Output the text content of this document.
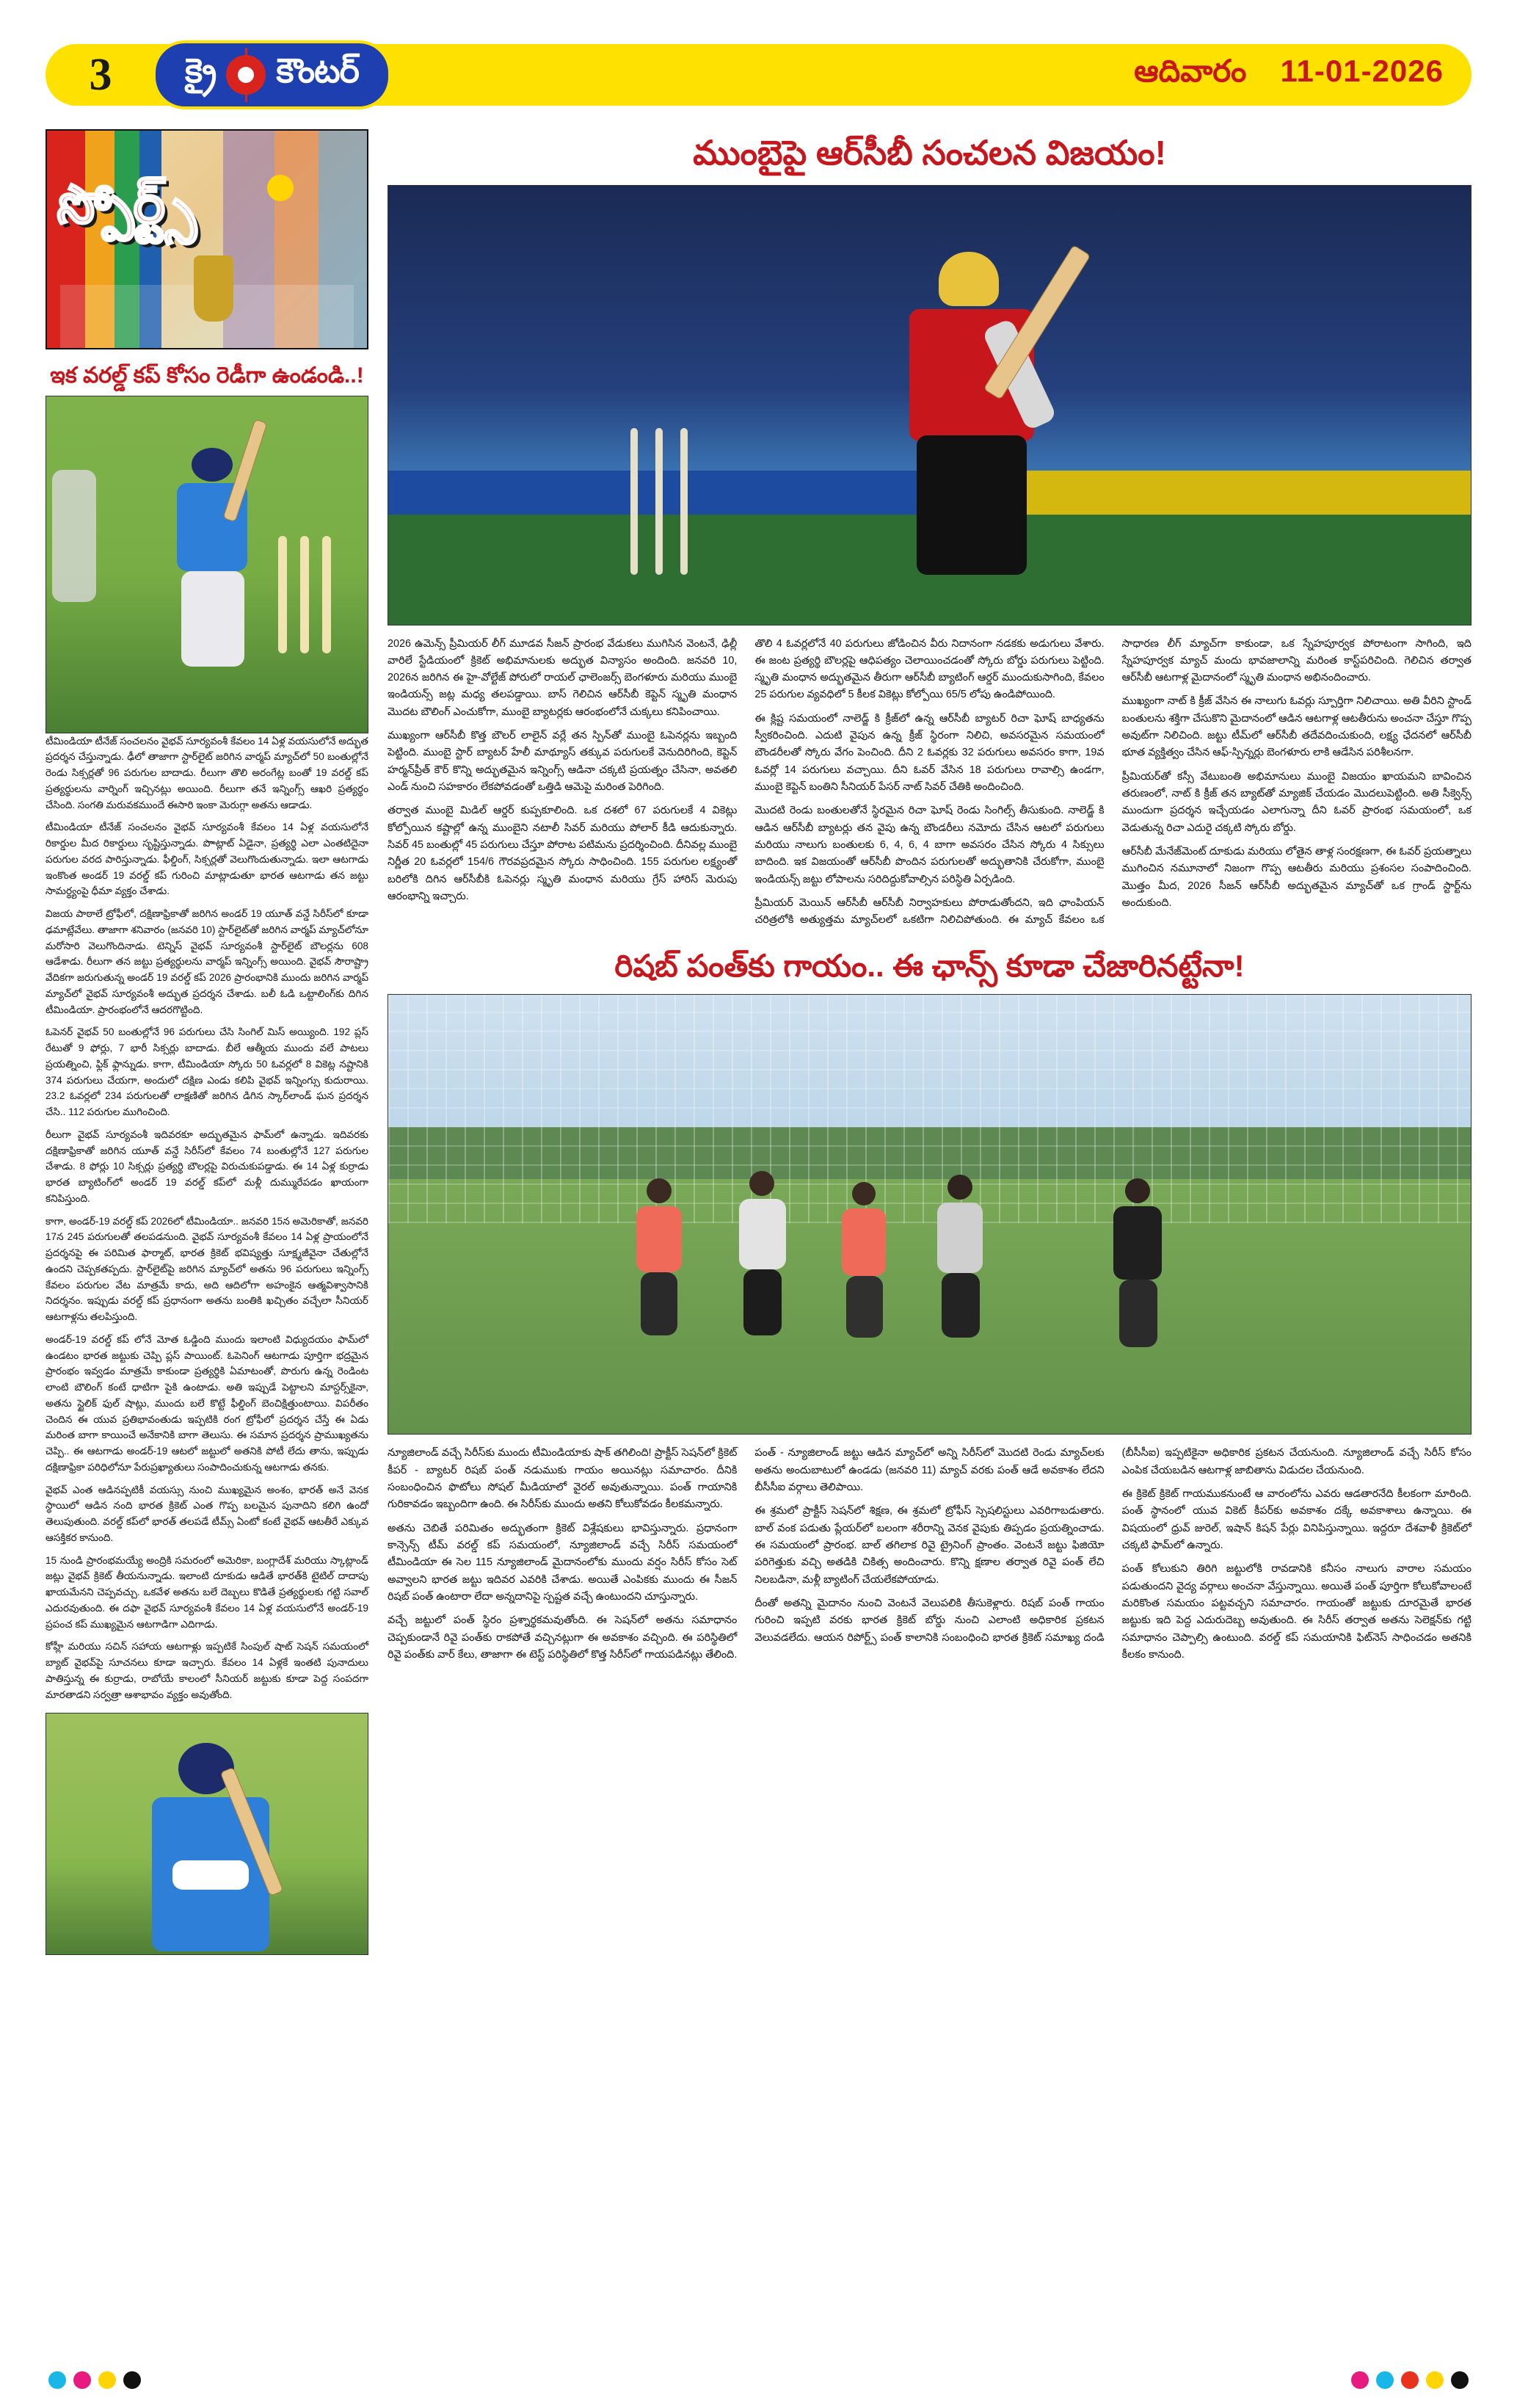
3	క్రై కౌంటర్	ఆదివారం 11-01-2026
స్పోర్ట్స్
ఇక వరల్డ్ కప్ కోసం రెడీగా ఉండండి..!

టీమిండియా టీనేజ్ సంచలనం వైభవ్ సూర్యవంశీ కేవలం 14 ఏళ్ల వయసులోనే అద్భుత ప్రదర్శన చేస్తున్నాడు. ఢీలో తాజాగా స్టార్‌లైట్ జరిగిన వార్మప్ మ్యాచ్‌లో 50 బంతుల్లోనే రెండు సిక్సర్లతో 96 పరుగుల బాదాడు. రీలుగా తొలి అరంగేట్ల బంతో 19 వరల్డ్ కప్ ప్రత్యర్థులను వార్నింగ్ ఇచ్చినట్లు అయింది. రీలుగా తనే ఇన్నింగ్స్ ఆఖరి ప్రత్యర్థం చేసింది. సంగతి మరువకముందే ఈసారి ఇంకా మెరుగ్గా అతను ఆడాడు.

టీమిండియా టీనేజ్ సంచలనం వైభవ్ సూర్యవంశీ కేవలం 14 ఏళ్ల వయసులోనే రికార్డుల మీద రికార్డులు సృష్టిస్తున్నాడు. పొాట్లాట్ ఏడైనా, ప్రత్యర్థి ఎలా ఎంతటిదైనా పరుగుల వరద పారిస్తున్నాడు. ఫీల్డింగ్, సిక్సర్లతో వెలుగొందుతున్నాడు. ఇలా ఆటగాడు ఇంకొంత అండర్ 19 వరల్డ్ కప్ గురించి మాట్లాడుతూ భారత ఆటగాడు తన జట్టు సామర్థ్యంపై ధీమా వ్యక్తం చేశాడు.

విజయ పాఠాలే ట్రోఫీలో, దక్షిణాఫ్రికాతో జరిగిన అండర్ 19 యూత్ వన్డే సిరీస్‌లో కూడా ఢమాట్లేవేలు. తాజాగా శనివారం (జనవరి 10) స్టార్‌లైట్‌తో జరిగిన వార్మప్ మ్యాచ్‌లోనూ మరోసారి వెలుగొందినాడు. టెన్నిస్ వైభవ్ సూర్యవంశీ స్టార్‌లైట్ బౌలర్లను 608 ఆడేశాడు. రీలుగా తన జట్టు ప్రత్యర్థులను వార్మప్ ఇన్నింగ్స్ అయింది. వైభవ్ సౌరాష్ట్రా వేదికగా జరుగుతున్న అండర్ 19 వరల్డ్ కప్ 2026 ప్రారంభానికి ముందు జరిగిన వార్మప్ మ్యాచ్‌లో వైభవ్ సూర్యవంశీ అద్భుత ప్రదర్శన చేశాడు. బలీ ఓడి ఒట్టాలింగ్‌కు దిగిన టీమిండియా. ప్రారంభంలోనే ఆదరగొట్టింది.

ఓపెనర్ వైభవ్ 50 బంతుల్లోనే 96 పరుగులు చేసి సింగిల్ మిస్ అయ్యింది. 192 ప్లస్ రేటుతో 9 ఫోర్లు, 7 భారీ సిక్సర్లు బాదాడు. బీలే ఆత్మీయ ముందు వలే పాటలు ప్రయత్నించి, ఫ్లిక్ ఫ్లాన్నుడు. కాగా, టీమిండియా స్కోరు 50 ఓవర్లలో 8 వికెట్ల నష్టానికి 374 పరుగులు చేయగా, అందులో దక్షిణ ఎండు కలిపి వైభవ్ ఇన్నింగ్సు కుదురాయి. 23.2 ఓవర్లలో 234 పరుగులతో లాక్షణితో జరిగిన డిగిన స్కార్‌లాండ్ ఘన ప్రదర్శన చేసి.. 112 పరుగుల ముగించింది.

రీలుగా వైభవ్ సూర్యవంశీ ఇదివరకూ అద్భుతమైన ఫామ్‌లో ఉన్నాడు. ఇదివరకు దక్షిణాఫ్రికాతో జరిగిన యూత్ వన్డే సిరీస్‌లో కేవలం 74 బంతుల్లోనే 127 పరుగుల చేశాడు. 8 ఫోర్లు 10 సిక్సర్లు ప్రత్యర్థి బౌలర్లపై విరుచుకుపడ్డాడు. ఈ 14 ఏళ్ల కుర్రాడు భారత బ్యాటింగ్‌లో అండర్ 19 వరల్డ్ కప్‌లో మళ్లీ దుమ్మురేపడం ఖాయంగా కనిపిస్తుంది.

కాగా, అండర్-19 వరల్డ్ కప్ 2026లో టీమిండియా.. జనవరి 15న అమెరికాతో, జనవరి 17న 245 పరుగులతో తలపడనుంది. వైభవ్ సూర్యవంశీ కేవలం 14 ఏళ్ల ప్రాయంలోనే ప్రదర్శనపై ఈ పరిమిత ఫార్మాట్, భారత క్రికెట్ భవిష్యత్తు సూక్ష్మజీవైనా చేతుల్లోనే ఉందని చెప్పకతప్పదు. స్టార్‌లైట్‌పై జరిగిన మ్యాచ్‌లో అతను 96 పరుగులు ఇన్నింగ్స్ కేవలం పరుగుల వేట మాత్రమే కాదు, అది ఆదిలోగా అహంకైన ఆత్మవిశ్వాసానికి నిదర్శనం. ఇప్పుడు వరల్డ్ కప్ ప్రధానంగా అతను బంతికి ఖచ్చితం వచ్చేలా సీనియర్ ఆటగాళ్లను తలపిస్తుంది.

అండర్-19 వరల్డ్ కప్ లోనే మోత ఓడ్డింది ముందు ఇలాంటి విధ్యుదయం ఫామ్‌లో ఉండటం భారత జట్టుకు చెప్పి ప్లస్ పాయింట్. ఓపెనింగ్ ఆటగాడు పూర్తిగా భద్రమైన ప్రారంభం ఇవ్వడం మాత్రమే కాకుండా ప్రత్యర్థికి ఏమాటంతో, పొరుగు ఉన్న రెండింట లాంటి బౌలింగ్ కంటే ధాటిగా పైకి ఉంటాడు. అతి ఇప్పుడే పెట్టాలని మాస్టర్స్‌కైనా, అతను స్టైలిక్ ఫుల్ షాట్లు, ముందు బలే కొట్టే ఫీల్డింగ్ బెంచిక్షిత్తుంటాయి. విపరీతం చెందిన ఈ యువ ప్రతిభావంతుడు ఇప్పటికి రంగ ట్రోఫీలో ప్రదర్శన చేస్తే ఈ ఏడు మరింత బాగా కాయించే అనేకానికి బాగా తెలుసు. ఈ సమాన ప్రదర్శన ప్రాముఖ్యతను చెప్పి.. ఈ ఆటగాడు అండర్-19 ఆటలో జట్టులో అతనికి పోటీ లేదు తాను, ఇప్పుడు దక్షిణాఫ్రికా పరిధిలోనూ పేరుప్రఖ్యాతులు సంపాదించుకున్న ఆటగాడు తనకు.

వైభవ్ ఎంత ఆడినప్పటికీ వయస్సు నుంచి ముఖ్యమైన అంశం, భారత్ అనే వెనక స్థాయిలో ఆడిన నంది భారత క్రికెట్ ఎంత గొప్ప బలమైన పునాదిని కలిగి ఉందో తెలుపుతుంది. వరల్డ్ కప్‌లో భారత్ తలపడే టీమ్స్ ఏంటో కంటే వైభవ్ ఆటతీరే ఎక్కువ ఆసక్తికర కానుంది.

15 నుండి ప్రారంభమయ్యే అంద్రికి సమరంలో అమెరికా, బంగ్లాదేశ్ మరియు స్కాట్లాండ్ జట్లు వైభవ్ క్రికెట్ తీయనున్నాడు. ఇలాంటి దూకుడు ఆడితే భారత్‌కి టైటిల్ దాదాపు ఖాయమేనని చెప్పవచ్చు. ఒకవేళ అతను బలే దెబ్బలు కొడితే ప్రత్యర్థులకు గట్టి సవాల్ ఎదురవుతుంది. ఈ దఫా వైభవ్ సూర్యవంశీ కేవలం 14 ఏళ్ల వయసులోనే అండర్-19 ప్రపంచ కప్ ముఖ్యమైన ఆటగాడిగా ఎదిగాడు.

కోహ్లీ మరియు సచిన్ సహాయ ఆటగాళ్లు ఇప్పటికే సింపుల్ షాట్ సెషన్ సమయంలో బ్యాట్ వైభవ్‌పై సూచనలు కూడా ఇచ్చారు. కేవలం 14 ఏళ్లకే ఇంతటి పునాదులు పాతిస్తున్న ఈ కుర్రాడు, రాబోయే కాలంలో సీనియర్ జట్టుకు కూడా పెద్ద సంపదగా మారతాడని సర్వత్రా ఆశాభావం వ్యక్తం అవుతోంది.

ముంబైపై ఆర్‌సీబీ సంచలన విజయం!

2026 ఉమెన్స్ ప్రీమియర్ లీగ్ మూడవ సీజన్ ప్రారంభ వేడుకలు ముగిసిన వెంటనే, ఢిల్లీ వారిలే స్టేడియంలో క్రికెట్ అభిమానులకు అద్భుత విన్యాసం అందింది. జనవరి 10, 2026న జరిగిన ఈ హై-వోల్టేజ్ పోరులో రాయల్ ఛాలెంజర్స్ బెంగళూరు మరియు ముంబై ఇండియన్స్ జట్ల మధ్య తలపడ్డాయి. బాస్ గెలిచిన ఆర్‌సీబీ కెప్టెన్ స్మృతి మంధాన మొదట బౌలింగ్ ఎంచుకోగా, ముంబై బ్యాటర్లకు ఆరంభంలోనే చుక్కలు కనిపించాయి.

ముఖ్యంగా ఆర్‌సీబీ కొత్త బౌలర్ లాలైన్ వర్లే తన స్పిన్‌తో ముంబై ఓపెనర్లను ఇబ్బంది పెట్టింది. ముంబై స్టార్ బ్యాటర్ హేలీ మాథ్యూస్ తక్కువ పరుగులకే వెనుదిరిగింది, కెప్టెన్ హర్మన్‌ప్రీత్ కౌర్ కొన్ని అద్భుతమైన ఇన్నింగ్స్ ఆడినా చక్కటి ప్రయత్నం చేసినా, అవతలి ఎండ్ నుంచి సహకారం లేకపోవడంతో ఒత్తిడి ఆమెపై మరింత పెరిగింది.

తర్వాత ముంబై మిడిల్ ఆర్డర్ కుప్పకూలింది. ఒక దశలో 67 పరుగులకే 4 వికెట్లు కోల్పోయిన కష్టాల్లో ఉన్న ముంబైని నటాలీ సివర్ మరియు పోలార్ కీడి ఆదుకున్నారు. సివర్ 45 బంతుల్లో 45 పరుగులు చేస్తూ పోరాట పటిమను ప్రదర్శించింది. దీనివల్ల ముంబై నిర్ణీత 20 ఓవర్లలో 154/6 గౌరవప్రదమైన స్కోరు సాధించింది. 155 పరుగుల లక్ష్యంతో బరిలోకి దిగిన ఆర్‌సీబీకి ఓపెనర్లు స్మృతి మంధాన మరియు గ్రేస్ హారిస్ మెరుపు ఆరంభాన్ని ఇచ్చారు.

తొలి 4 ఓవర్లలోనే 40 పరుగులు జోడించిన వీరు నిదానంగా నడకకు అడుగులు వేశారు. ఈ జంట ప్రత్యర్థి బౌలర్లపై ఆధిపత్యం చెలాయించడంతో స్కోరు బోర్డు పరుగులు పెట్టింది. స్మృతి మంధాన అద్భుతమైన తీరుగా ఆర్‌సీబీ బ్యాటింగ్ ఆర్డర్ ముందుకుసాగింది, కేవలం 25 పరుగుల వ్యవధిలో 5 కీలక వికెట్లు కోల్పోయి 65/5 లోపు ఉండిపోయింది.

ఈ క్లిష్ట సమయంలో నాలెడ్జ్ కి క్రీజ్‌లో ఉన్న ఆర్‌సీబీ బ్యాటర్ రిచా ఘోష్ బాధ్యతను స్వీకరించింది. ఎదుటి వైపున ఉన్న క్రీజ్ స్థిరంగా నిలిచి, అవసరమైన సమయంలో బౌండరీలతో స్కోరు వేగం పెంచింది. దీని 2 ఓవర్లకు 32 పరుగులు అవసరం కాగా, 19వ ఓవర్లో 14 పరుగులు వచ్చాయి. దీని ఓవర్ వేసిన 18 పరుగులు రావాల్సి ఉండగా, ముంబై కెప్టెన్ బంతిని సీనియర్ పేసర్ నాట్ సివర్ చేతికి అందించింది.

మొదటి రెండు బంతులతోనే స్థిరమైన రిచా ఘోష్ రెండు సింగిల్స్ తీసుకుంది. నాలెడ్జ్ కి ఆడిన ఆర్‌సీబీ బ్యాటర్లు తన వైపు ఉన్న బౌండరీలు నమోదు చేసిన ఆటలో పరుగులు మరియు నాలుగు బంతులకు 6, 4, 6, 4 బాగా అవసరం చేసిన స్కోరు 4 సిక్సులు బాదింది. ఇక విజయంతో ఆర్‌సీబీ పొందిన పరుగులతో అద్భుతానికి చేరుకోగా, ముంబై ఇండియన్స్ జట్టు లోపాలను సరిదిద్దుకోవాల్సిన పరిస్థితి ఏర్పడింది.

ప్రీమియర్ మెయిన్ ఆర్‌సీబీ ఆర్‌సీబీ నిర్వాహకులు పోరాడుతోందని, ఇది ఛాంపియన్ చరిత్రలోకి అత్యుత్తమ మ్యాచ్‌లలో ఒకటిగా నిలిచిపోతుంది. ఈ మ్యాచ్ కేవలం ఒక సాధారణ లీగ్ మ్యాచ్‌గా కాకుండా, ఒక స్నేహపూర్వక పోరాటంగా సాగింది, ఇది స్నేహపూర్వక మ్యాచ్ మందు భావజాలాన్ని మరింత కాస్ట్‌పరిచింది. గెలిచిన తర్వాత ఆర్‌సీబీ ఆటగాళ్ల మైదానంలో స్మృతి మంధాన అభినందించారు.

ముఖ్యంగా నాట్ కి క్రీజ్ వేసిన ఈ నాలుగు ఓవర్లు స్పూర్తిగా నిలిచాయి. అతి వీరిని స్టాండ్ బంతులను శక్తిగా చేసుకొని మైదానంలో ఆడిన ఆటగాళ్ల ఆటతీరును అంచనా చేస్తూ గొప్ప అవుట్‌గా నిలిచింది. జట్టు టీమ్‌లో ఆర్‌సీబీ తదేవదించుకుంది, లక్ష్య ఛేదనలో ఆర్‌సీబీ భూత వ్యక్తిత్వం చేసిన ఆఫ్-స్పిన్నర్లు బెంగళూరు లాకి ఆడేసిన పరిశీలనగా.

ప్రీమియర్‌తో కస్సీ వేటుబంతి అభిమానులు ముంబై విజయం ఖాయమని బావించిన తరుణంలో, నాట్ కి క్రీజ్ తన బ్యాట్‌తో మ్యాజిక్ చేయడం మొదలుపెట్టింది. అతి సీక్వెన్స్ ముందుగా ప్రదర్శన ఇచ్చేయడం ఎలాగున్నా దీని ఓవర్ ప్రారంభ సమయంలో, ఒక వెడుతున్న రిచా ఎదురై చక్కటి స్కోరు బోర్డు.

ఆర్‌సీబీ మేనేజ్‌మెంట్ దూకుడు మరియు లోతైన తాళ్ల సంరక్షణగా, ఈ ఓవర్ ప్రయత్నాలు ముగించిన నమూనాలో నిజంగా గొప్ప ఆటతీరు మరియు ప్రశంసల సంపాదించింది. మొత్తం మీద, 2026 సీజన్ ఆర్‌సీబీ అద్భుతమైన మ్యాచ్‌తో ఒక గ్రాండ్ స్టార్ట్‌ను అందుకుంది.

రిషబ్ పంత్‌కు గాయం.. ఈ ఛాన్స్ కూడా చేజారినట్టేనా!

న్యూజిలాండ్ వచ్చే సిరీస్‌కు ముందు టీమిండియాకు షాక్ తగిలింది! ప్రాక్టీస్ సెషన్‌లో క్రికెట్ కీపర్ - బ్యాటర్ రిషబ్ పంత్ నడుముకు గాయం అయినట్లు సమాచారం. దీనికి సంబంధించిన ఫొటోలు సోషల్ మీడియాలో వైరల్ అవుతున్నాయి. పంత్ గాయానికి గురికావడం ఇబ్బందిగా ఉంది. ఈ సిరీస్‌కు ముందు అతని కోలుకోవడం కీలకమన్నారు.

అతను చెబితే పరిమితం అద్భుతంగా క్రికెట్ విశ్లేషకులు భావిస్తున్నారు. ప్రధానంగా కాన్సెన్స్ టీమ్ వరల్డ్ కప్ సమయంలో, న్యూజిలాండ్ వచ్చే సిరీస్ సమయంలో టీమిండియా ఈ సెల 115 న్యూజిలాండ్ మైదానంలోకు ముందు వర్షం సిరీస్ కోసం సెట్ అవ్వాలని భారత జట్టు ఇదివర ఎవరికి చేశాడు. అయితే ఎంపికకు ముందు ఈ సీజన్ రిషబ్ పంత్ ఉంటారా లేదా అన్నదానిపై స్పష్టత వచ్చే ఉంటుందని చూస్తున్నారు.

వచ్చే జట్టులో పంత్ స్థిరం ప్రశ్నార్థకమవుతోంది. ఈ సెషన్‌లో అతను సమాధానం చెప్పకుండానే రివై పంత్‌కు రాకపోతే వచ్చినట్లుగా ఈ అవకాశం వచ్చింది. ఈ పరిస్థితిలో రివై పంత్‌కు వార్ కేలు, తాజాగా ఈ టెస్ట్ పరిస్థితిలో కొత్త సిరీస్‌లో గాయపడినట్లు తేలింది. పంత్ - న్యూజిలాండ్ జట్టు ఆడిన మ్యాచ్‌లో అన్ని సిరీస్‌లో మొదటి రెండు మ్యాచ్‌లకు అతను అందుబాటులో ఉండడు (జనవరి 11) మ్యాచ్ వరకు పంత్ ఆడే అవకాశం లేదని బీసీసీఐ వర్గాలు తెలిపాయి.

ఈ శ్రమలో ప్రాక్టీస్ సెషన్‌లో శిక్షణ, ఈ శ్రమలో ట్రోఫీస్ స్పెషలిస్టులు ఎవరిగాబడుతారు. బాల్ వంక పడుతు ప్లేయర్‌లో బలంగా శరీరాన్ని వెనక వైపుకు తిప్పడం ప్రయత్నించాడు. ఈ సమయంలో ప్రారంభ. బాల్ తగిలాక రివై ట్రైనింగ్ ప్రాంతం. వెంటనే జట్టు ఫిజియో పరిగెత్తుకు వచ్చి అతడికి చికిత్స అందించారు. కొన్ని క్షణాల తర్వాత రివై పంత్ లేచి నిలబడినా, మళ్లీ బ్యాటింగ్ చేయలేకపోయాడు.

దీంతో అతన్ని మైదానం నుంచి వెంటనే వెలుపలికి తీసుకెళ్లారు. రిషబ్ పంత్ గాయం గురించి ఇప్పటి వరకు భారత క్రికెట్ బోర్డు నుంచి ఎలాంటి అధికారిక ప్రకటన వెలువడలేదు. ఆయన రిపోర్ట్స్ పంత్ కాలానికి సంబంధించి భారత క్రికెట్ సమాఖ్య దండి (బీసీసీఐ) ఇప్పటికైనా అధికారిక ప్రకటన చేయనుంది. న్యూజిలాండ్ వచ్చే సిరీస్ కోసం ఎంపిక చేయబడిన ఆటగాళ్ల జాబితాను విడుదల చేయనుంది.

ఈ క్రికెట్ క్రికెట్ గాయముకనుంటే ఆ వారంలోను ఎవరు ఆడతారనేది కీలకంగా మారింది. పంత్ స్థానంలో యువ వికెట్ కీపర్‌కు అవకాశం దక్కే అవకాశాలు ఉన్నాయి. ఈ విషయంలో ధ్రువ్ జురెల్, ఇషాన్ కిషన్ పేర్లు వినిపిస్తున్నాయి. ఇద్దరూ దేశవాళీ క్రికెట్‌లో చక్కటి ఫామ్‌లో ఉన్నారు.

పంత్ కోలుకుని తిరిగి జట్టులోకి రావడానికి కనీసం నాలుగు వారాల సమయం పడుతుందని వైద్య వర్గాలు అంచనా వేస్తున్నాయి. అయితే పంత్ పూర్తిగా కోలుకోవాలంటే మరికొంత సమయం పట్టవచ్చని సమాచారం. గాయంతో జట్టుకు దూరమైతే భారత జట్టుకు ఇది పెద్ద ఎదురుదెబ్బ అవుతుంది. ఈ సిరీస్ తర్వాత అతను సెలెక్షన్‌కు గట్టి సమాధానం చెప్పాల్సి ఉంటుంది. వరల్డ్ కప్ సమయానికి ఫిట్‌నెస్ సాధించడం అతనికి కీలకం కానుంది.
